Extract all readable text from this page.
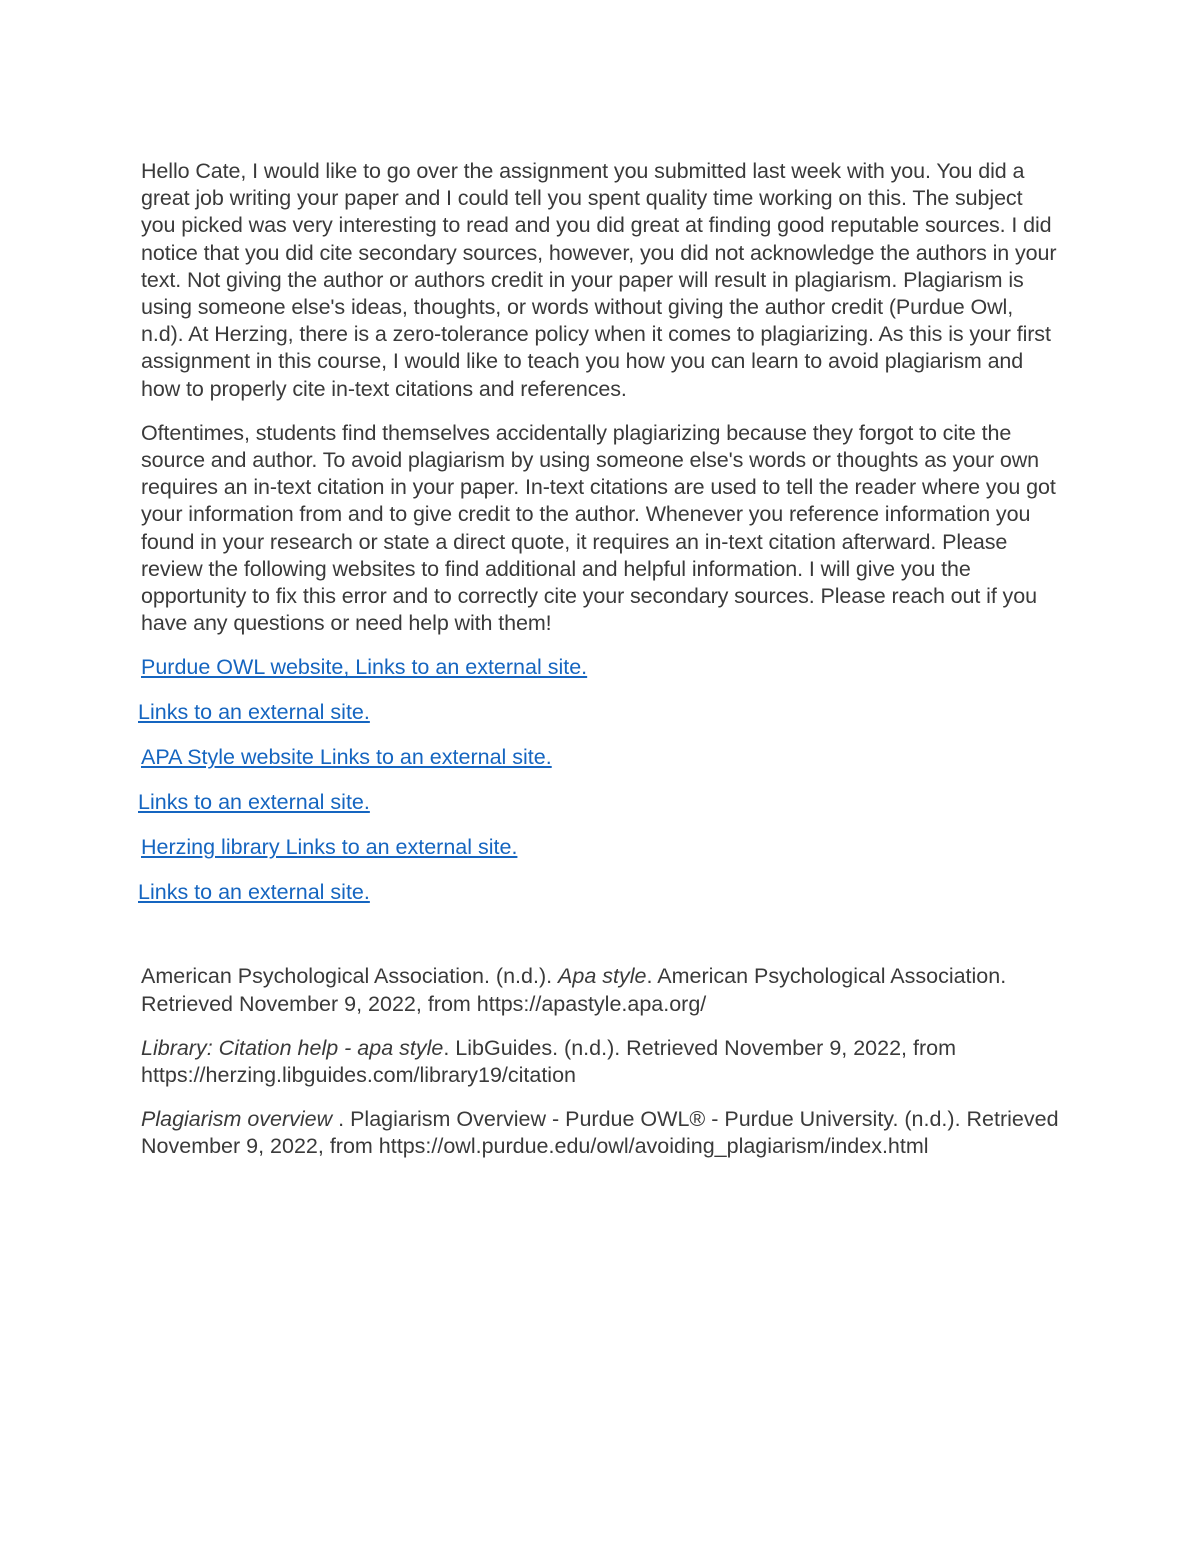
Hello Cate, I would like to go over the assignment you submitted last week with you. You did a great job writing your paper and I could tell you spent quality time working on this. The subject you picked was very interesting to read and you did great at finding good reputable sources. I did notice that you did cite secondary sources, however, you did not acknowledge the authors in your text. Not giving the author or authors credit in your paper will result in plagiarism. Plagiarism is using someone else's ideas, thoughts, or words without giving the author credit (Purdue Owl, n.d). At Herzing, there is a zero-tolerance policy when it comes to plagiarizing. As this is your first assignment in this course, I would like to teach you how you can learn to avoid plagiarism and how to properly cite in-text citations and references.

Oftentimes, students find themselves accidentally plagiarizing because they forgot to cite the source and author. To avoid plagiarism by using someone else's words or thoughts as your own requires an in-text citation in your paper. In-text citations are used to tell the reader where you got your information from and to give credit to the author. Whenever you reference information you found in your research or state a direct quote, it requires an in-text citation afterward. Please review the following websites to find additional and helpful information. I will give you the opportunity to fix this error and to correctly cite your secondary sources. Please reach out if you have any questions or need help with them!

Purdue OWL website, Links to an external site.
Links to an external site.
APA Style website Links to an external site.
Links to an external site.
Herzing library Links to an external site.
Links to an external site.

American Psychological Association. (n.d.). Apa style. American Psychological Association. Retrieved November 9, 2022, from https://apastyle.apa.org/

Library: Citation help - apa style. LibGuides. (n.d.). Retrieved November 9, 2022, from https://herzing.libguides.com/library19/citation

Plagiarism overview . Plagiarism Overview - Purdue OWL® - Purdue University. (n.d.). Retrieved November 9, 2022, from https://owl.purdue.edu/owl/avoiding_plagiarism/index.html
